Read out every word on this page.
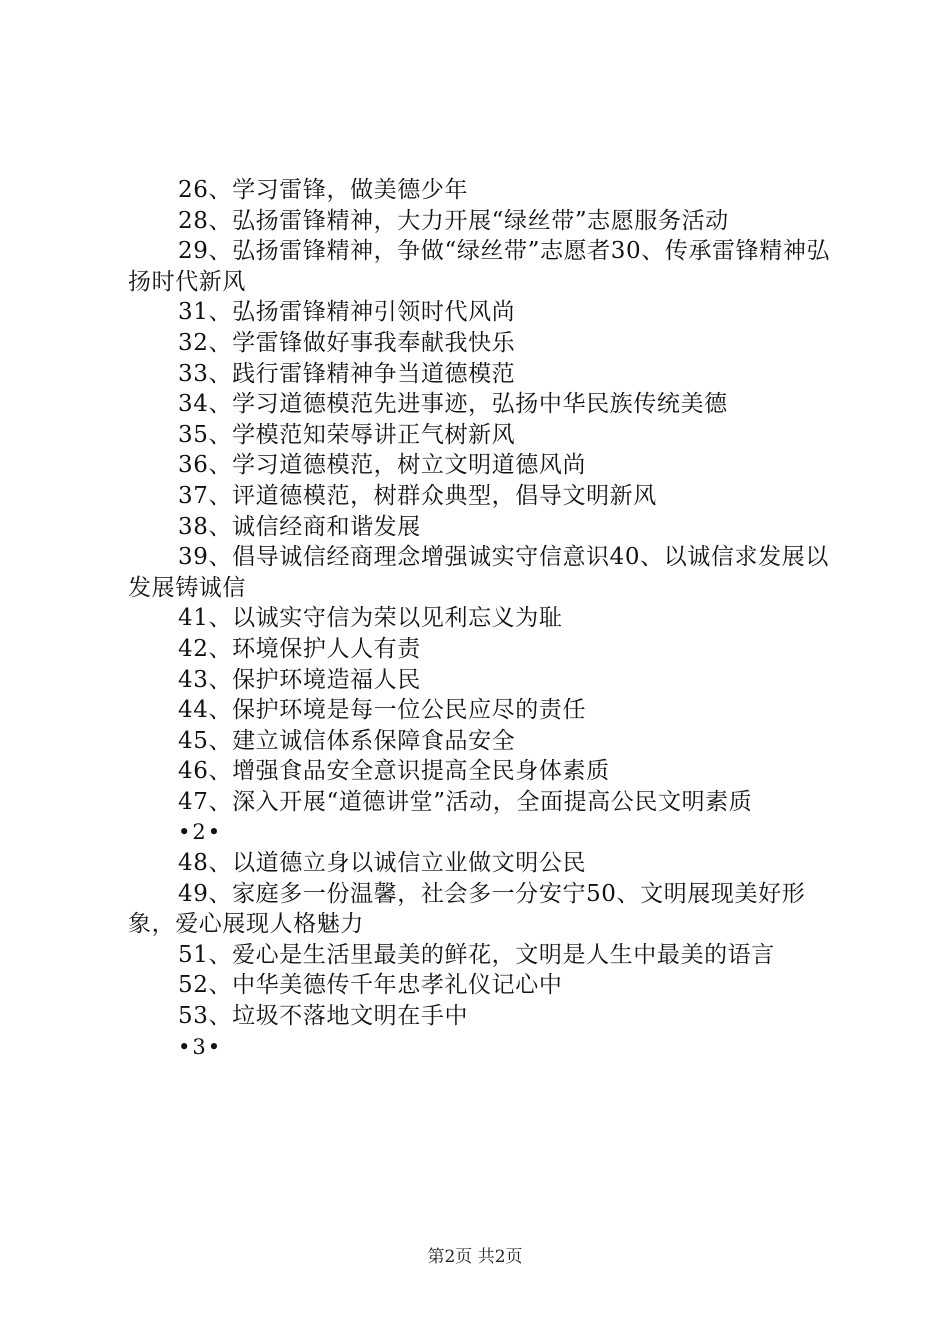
26、学习雷锋，做美德少年

28、弘扬雷锋精神，大力开展“绿丝带”志愿服务活动

29、弘扬雷锋精神，争做“绿丝带”志愿者30、传承雷锋精神弘扬时代新风

31、弘扬雷锋精神引领时代风尚

32、学雷锋做好事我奉献我快乐

33、践行雷锋精神争当道德模范

34、学习道德模范先进事迹，弘扬中华民族传统美德

35、学模范知荣辱讲正气树新风

36、学习道德模范，树立文明道德风尚

37、评道德模范，树群众典型，倡导文明新风

38、诚信经商和谐发展

39、倡导诚信经商理念增强诚实守信意识40、以诚信求发展以发展铸诚信

41、以诚实守信为荣以见利忘义为耻

42、环境保护人人有责

43、保护环境造福人民

44、保护环境是每一位公民应尽的责任

45、建立诚信体系保障食品安全

46、增强食品安全意识提高全民身体素质

47、深入开展“道德讲堂”活动，全面提高公民文明素质

•2•

48、以道德立身以诚信立业做文明公民

49、家庭多一份温馨，社会多一分安宁50、文明展现美好形象，爱心展现人格魅力

51、爱心是生活里最美的鲜花，文明是人生中最美的语言

52、中华美德传千年忠孝礼仪记心中

53、垃圾不落地文明在手中

•3•

第2页 共2页
